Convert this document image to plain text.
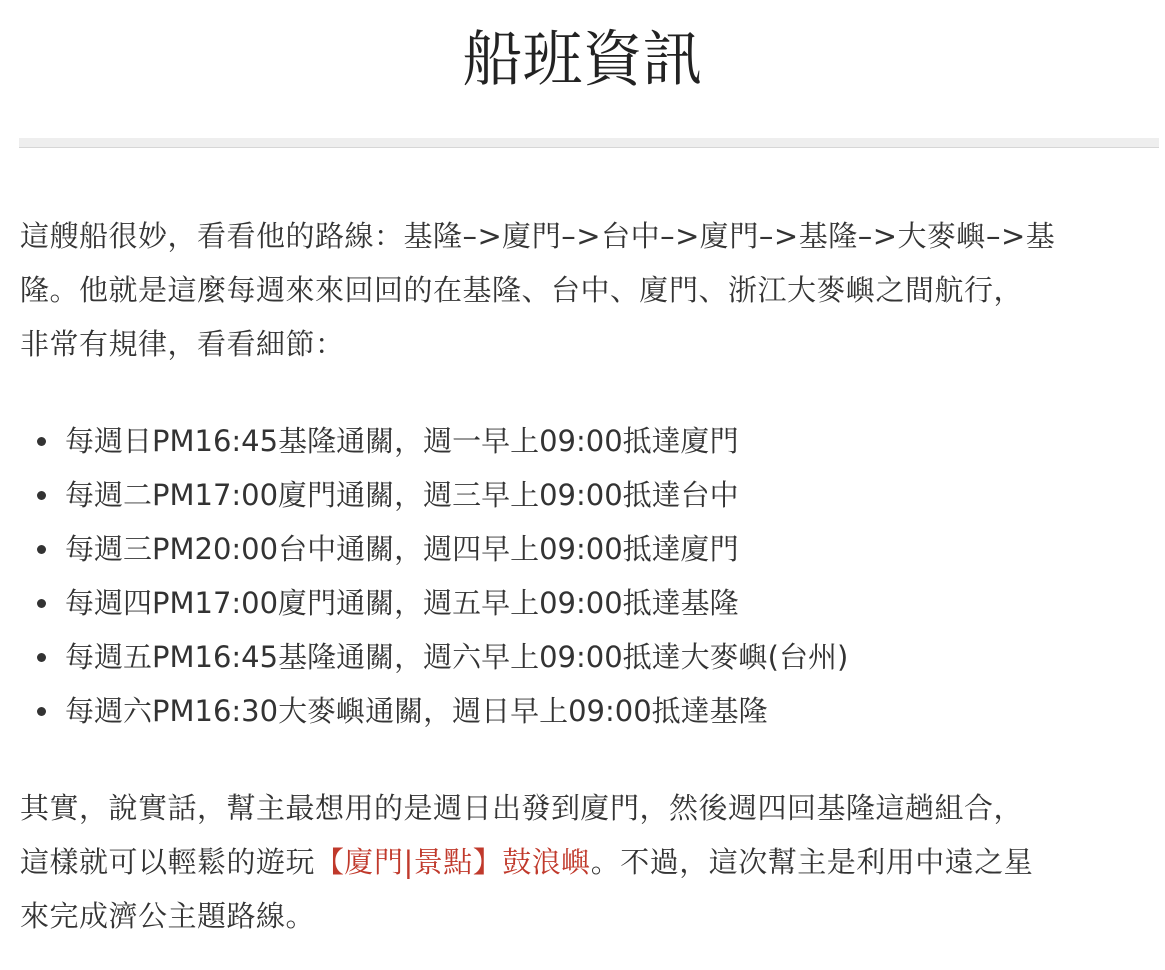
船班資訊

這艘船很妙，看看他的路線：基隆–>廈門–>台中–>廈門–>基隆–>大麥嶼–>基
隆。他就是這麼每週來來回回的在基隆、台中、廈門、浙江大麥嶼之間航行，
非常有規律，看看細節：

每週日PM16:45基隆通關，週一早上09:00抵達廈門
每週二PM17:00廈門通關，週三早上09:00抵達台中
每週三PM20:00台中通關，週四早上09:00抵達廈門
每週四PM17:00廈門通關，週五早上09:00抵達基隆
每週五PM16:45基隆通關，週六早上09:00抵達大麥嶼(台州)
每週六PM16:30大麥嶼通關，週日早上09:00抵達基隆

其實，說實話，幫主最想用的是週日出發到廈門，然後週四回基隆這趟組合，
這樣就可以輕鬆的遊玩【廈門|景點】鼓浪嶼。不過，這次幫主是利用中遠之星
來完成濟公主題路線。
